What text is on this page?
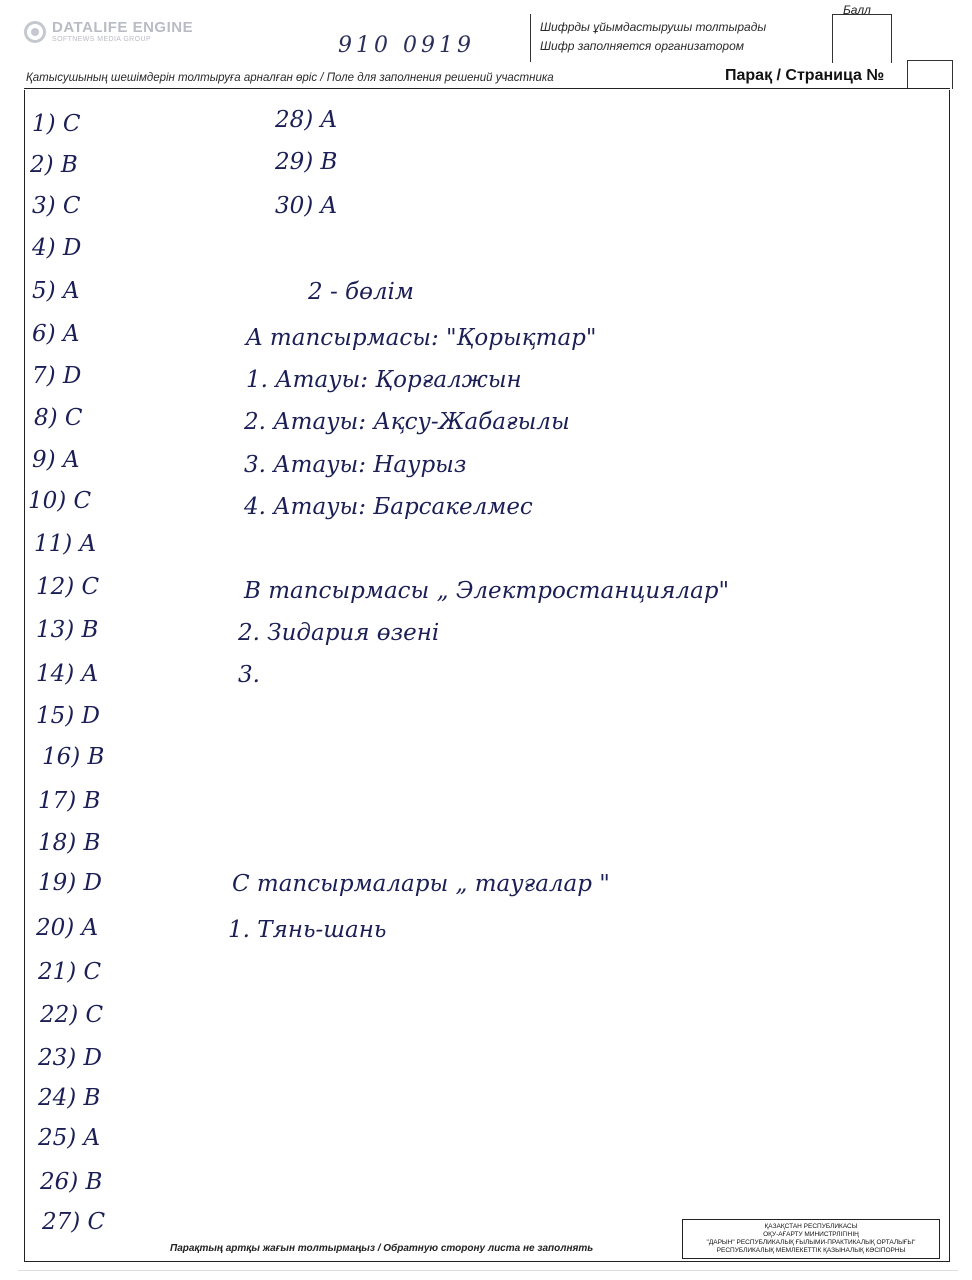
DATALIFE ENGINE
SOFTNEWS MEDIA GROUP	910 0919
Шифрды ұйымдастырушы толтырады
Шифр заполняется организатором
Балл
Қатысушының шешімдерін толтыруға арналған өріс / Поле для заполнения решений участника	Парақ / Страница №
1) C
2) B
3) C
4) D
5) A
6) A
7) D
8) C
9) A
10) C
11) A
12) C
13) B
14) A
15) D
16) B
17) B
18) B
19) D
20) A
21) C
22) C
23) D
24) B
25) A
26) B
27) C
28) A
29) B
30) A
2 - бөлім
A тапсырмасы: "Қорықтар"
1. Атауы: Қорғалжын
2. Атауы: Ақсу-Жабағылы
3. Атауы: Наурыз
4. Атауы: Барсакелмес
B тапсырмасы „ Электростанциялар"
2. Зидария өзені
3.
C тапсырмалары „ тауғалар "
1. Тянь-шань
Парақтың артқы жағын толтырмаңыз / Обратную сторону листа не заполнять
ҚАЗАҚСТАН РЕСПУБЛИКАСЫ
ОҚУ-АҒАРТУ МИНИСТРЛІГІНІҢ
"ДАРЫН" РЕСПУБЛИКАЛЫҚ ҒЫЛЫМИ-ПРАКТИКАЛЫҚ ОРТАЛЫҒЫ"
РЕСПУБЛИКАЛЫҚ МЕМЛЕКЕТТІК ҚАЗЫНАЛЫҚ КӘСІПОРНЫ
